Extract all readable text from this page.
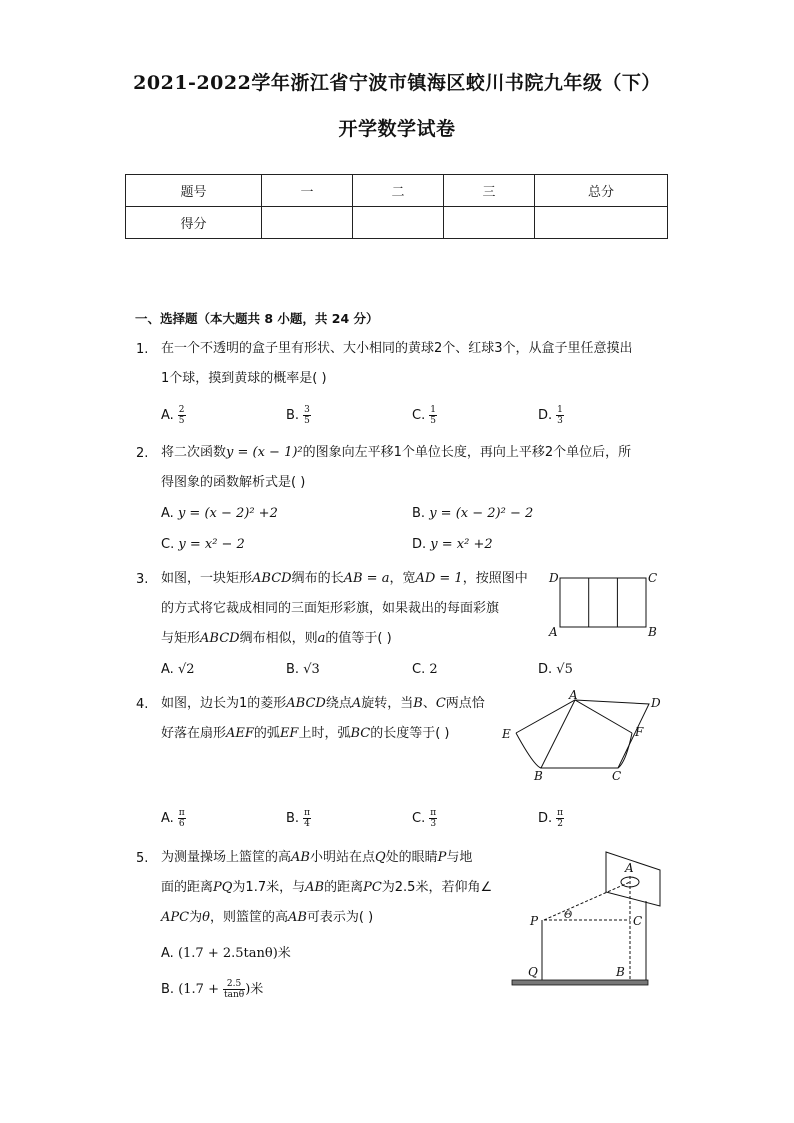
2021-2022学年浙江省宁波市镇海区蛟川书院九年级（下）
开学数学试卷
题号	一	二	三	总分
得分				
一、选择题（本大题共 8 小题，共 24 分）
1. 在一个不透明的盒子里有形状、大小相同的黄球2个、红球3个，从盒子里任意摸出
1个球，摸到黄球的概率是( )
A. $\frac{2}{5}$	B. $\frac{3}{5}$	C. $\frac{1}{5}$	D. $\frac{1}{3}$
2. 将二次函数y = (x − 1)²的图象向左平移1个单位长度，再向上平移2个单位后，所
得图象的函数解析式是( )
A. y = (x − 2)² +2	B. y = (x − 2)² − 2
C. y = x² − 2	D. y = x² +2
3. 如图，一块矩形ABCD绸布的长AB = a，宽AD = 1，按照图中
的方式将它裁成相同的三面矩形彩旗，如果裁出的每面彩旗
与矩形ABCD绸布相似，则a的值等于( )
A. √2	B. √3	C. 2	D. √5
D	C
A	B
4. 如图，边长为1的菱形ABCD绕点A旋转，当B、C两点恰
好落在扇形AEF的弧EF上时，弧BC的长度等于( )
A. $\frac{\pi}{6}$	B. $\frac{\pi}{4}$	C. $\frac{\pi}{3}$	D. $\frac{\pi}{2}$
A
D
E	F
B	C
5. 为测量操场上篮筐的高AB小明站在点Q处的眼睛P与地
面的距离PQ为1.7米，与AB的距离PC为2.5米，若仰角∠
APC为θ，则篮筐的高AB可表示为( )
A. (1.7 + 2.5tanθ)米
B. ($1.7 + \frac{2.5}{\tan\theta}$ )米
A
P	C
Θ
Q	B
